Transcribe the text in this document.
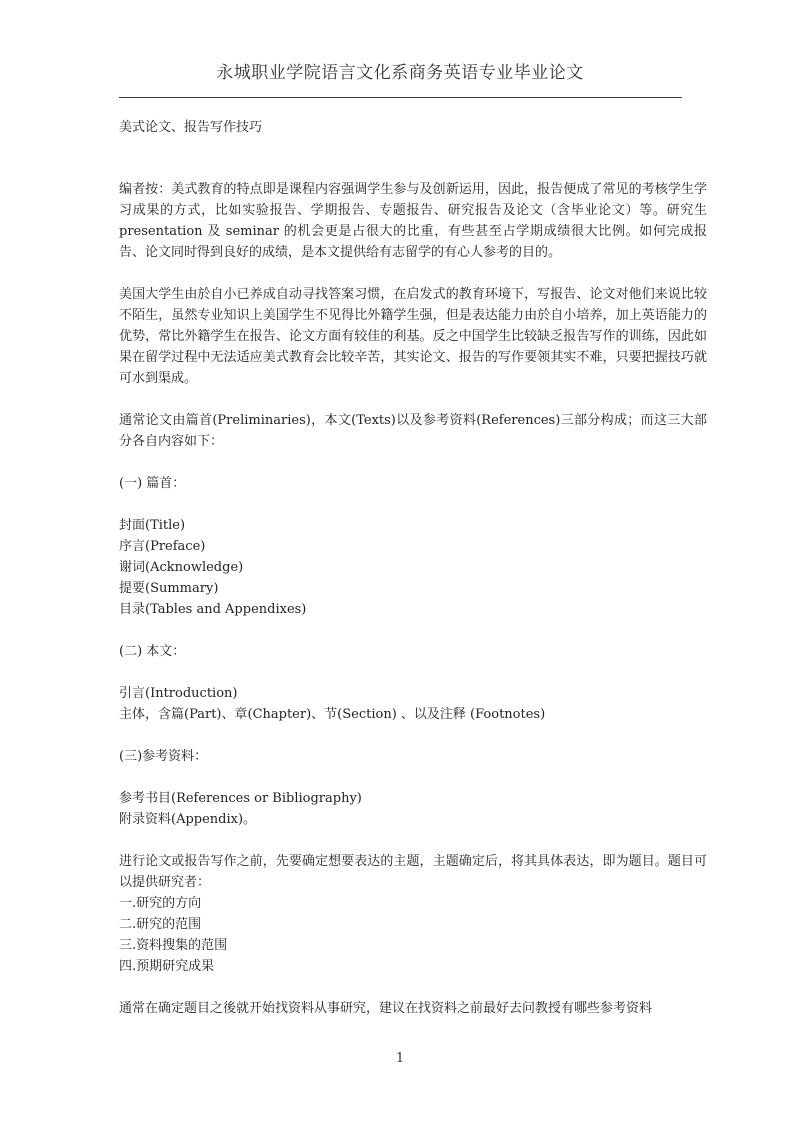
永城职业学院语言文化系商务英语专业毕业论文

美式论文、报告写作技巧

编者按：美式教育的特点即是课程内容强调学生参与及创新运用，因此，报告便成了常见的考核学生学习成果的方式，比如实验报告、学期报告、专题报告、研究报告及论文（含毕业论文）等。研究生 presentation 及 seminar 的机会更是占很大的比重，有些甚至占学期成绩很大比例。如何完成报告、论文同时得到良好的成绩，是本文提供给有志留学的有心人参考的目的。

美国大学生由於自小已养成自动寻找答案习惯，在启发式的教育环境下，写报告、论文对他们来说比较不陌生，虽然专业知识上美国学生不见得比外籍学生强，但是表达能力由於自小培养，加上英语能力的优势，常比外籍学生在报告、论文方面有较佳的利基。反之中国学生比较缺乏报告写作的训练，因此如果在留学过程中无法适应美式教育会比较辛苦，其实论文、报告的写作要领其实不难，只要把握技巧就可水到渠成。

通常论文由篇首(Preliminaries)，本文(Texts)以及参考资料(References)三部分构成；而这三大部分各自内容如下：

(一) 篇首：

封面(Title)

序言(Preface)

谢词(Acknowledge)

提要(Summary)

目录(Tables and Appendixes)

(二) 本文：

引言(Introduction)

主体，含篇(Part)、章(Chapter)、节(Section) 、以及注释 (Footnotes)

(三)参考资料：

参考书目(References or Bibliography)

附录资料(Appendix)。

进行论文或报告写作之前，先要确定想要表达的主题，主题确定后，将其具体表达，即为题目。题目可以提供研究者：

一.研究的方向

二.研究的范围

三.资料搜集的范围

四.预期研究成果

通常在确定题目之後就开始找资料从事研究，建议在找资料之前最好去问教授有哪些参考资料

1
